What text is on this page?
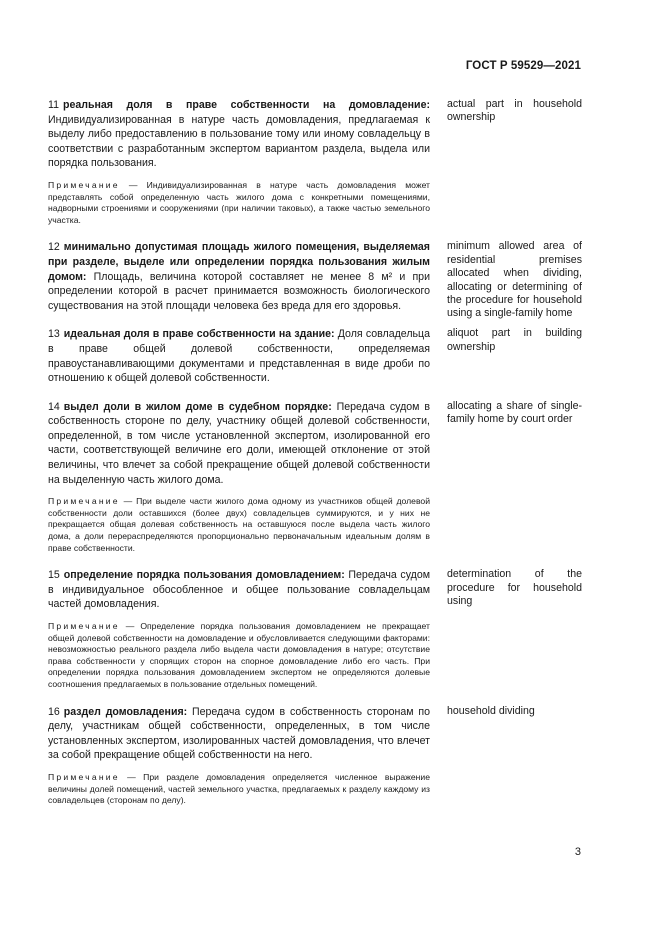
ГОСТ Р 59529—2021

11 реальная доля в праве собственности на домовладение: Индивидуализированная в натуре часть домовладения, предлагаемая к выделу либо предоставлению в пользование тому или иному совладельцу в соответствии с разработанным экспертом вариантом раздела, выдела или порядка пользования.

Примечание — Индивидуализированная в натуре часть домовладения может представлять собой определенную часть жилого дома с конкретными помещениями, надворными строениями и сооружениями (при наличии таковых), а также частью земельного участка.

actual part in household ownership

12 минимально допустимая площадь жилого помещения, выделяемая при разделе, выделе или определении порядка пользования жилым домом: Площадь, величина которой составляет не менее 8 м² и при определении которой в расчет принимается возможность биологического существования на этой площади человека без вреда для его здоровья.

minimum allowed area of residential premises allocated when dividing, allocating or determining of the procedure for household using a single-family home

13 идеальная доля в праве собственности на здание: Доля совладельца в праве общей долевой собственности, определяемая правоустанавливающими документами и представленная в виде дроби по отношению к общей долевой собственности.

aliquot part in building ownership

14 выдел доли в жилом доме в судебном порядке: Передача судом в собственность стороне по делу, участнику общей долевой собственности, определенной, в том числе установленной экспертом, изолированной его части, соответствующей величине его доли, имеющей отклонение от этой величины, что влечет за собой прекращение общей долевой собственности на выделенную часть жилого дома.

Примечание — При выделе части жилого дома одному из участников общей долевой собственности доли оставшихся (более двух) совладельцев суммируются, и у них не прекращается общая долевая собственность на оставшуюся после выдела часть жилого дома, а доли перераспределяются пропорционально первоначальным идеальным долям в праве собственности.

allocating a share of single-family home by court order

15 определение порядка пользования домовладением: Передача судом в индивидуальное обособленное и общее пользование совладельцам частей домовладения.

Примечание — Определение порядка пользования домовладением не прекращает общей долевой собственности на домовладение и обусловливается следующими факторами: невозможностью реального раздела либо выдела части домовладения в натуре; отсутствие права собственности у спорящих сторон на спорное домовладение либо его часть. При определении порядка пользования домовладением экспертом не определяются долевые соотношения предлагаемых в пользование отдельных помещений.

determination of the procedure for household using

16 раздел домовладения: Передача судом в собственность сторонам по делу, участникам общей собственности, определенных, в том числе установленных экспертом, изолированных частей домовладения, что влечет за собой прекращение общей собственности на него.

Примечание — При разделе домовладения определяется численное выражение величины долей помещений, частей земельного участка, предлагаемых к разделу каждому из совладельцев (сторонам по делу).

household dividing
3
